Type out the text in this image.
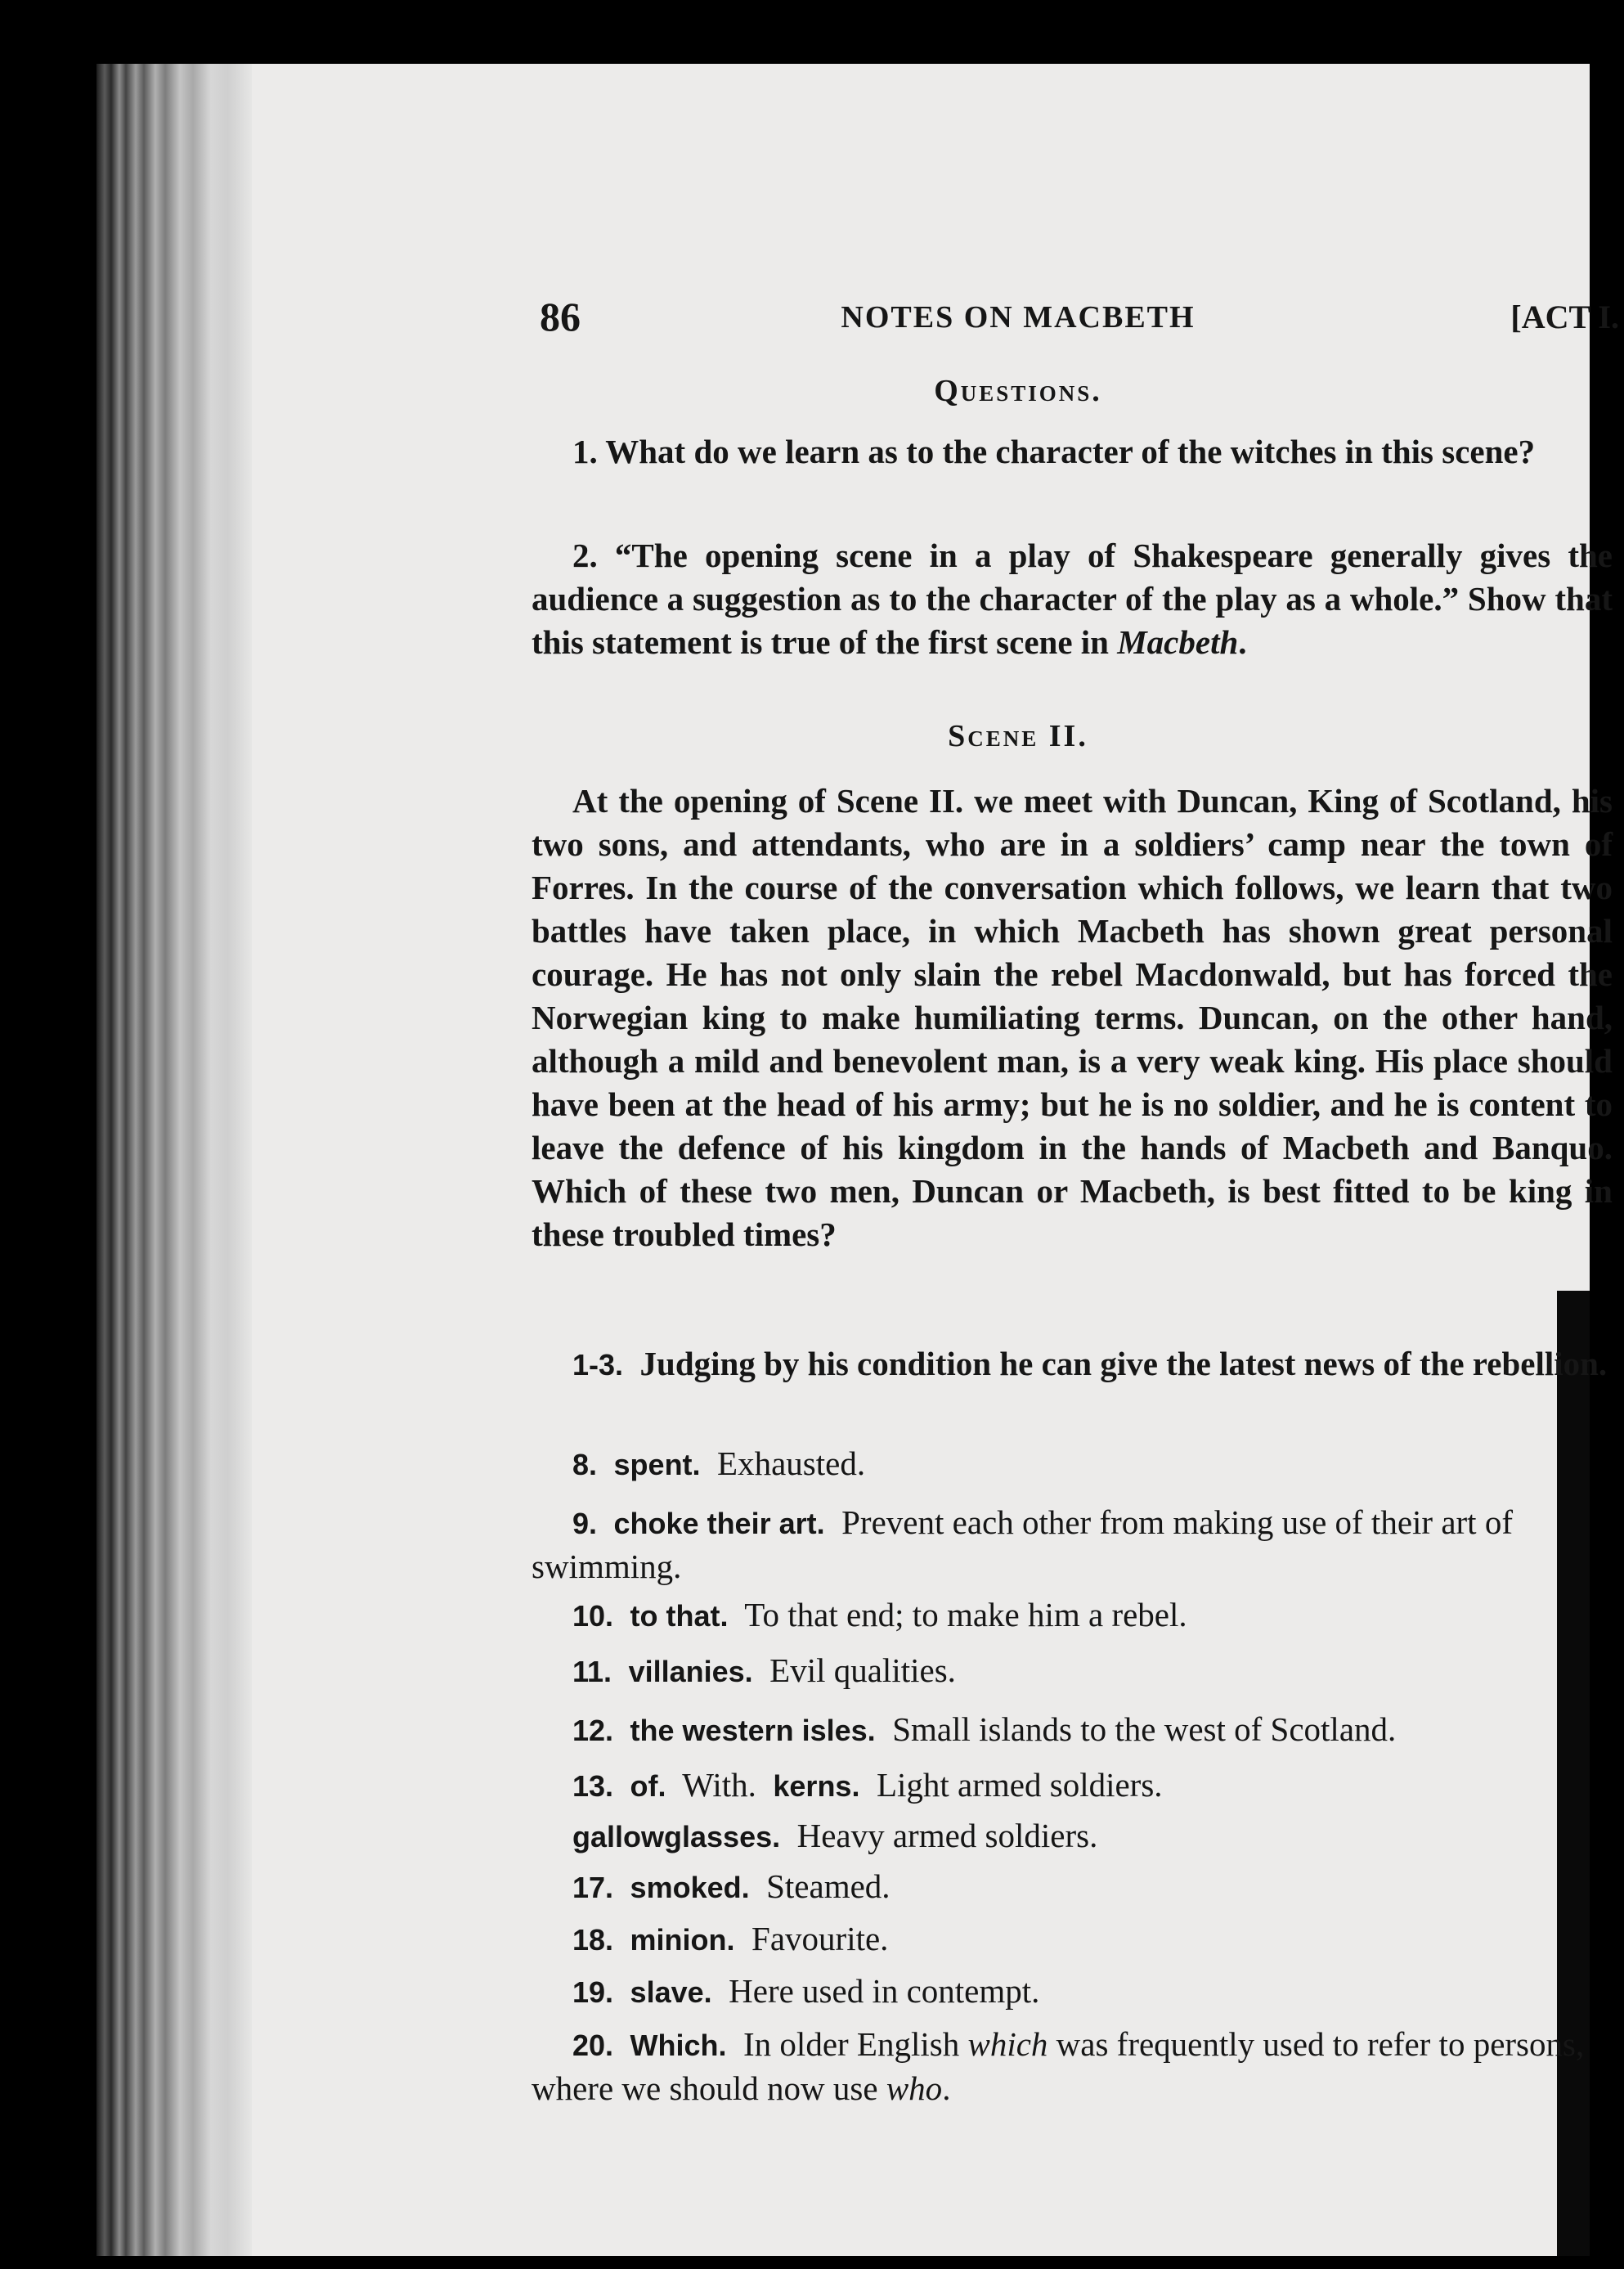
86	NOTES ON MACBETH	[ACT I.
Questions.
1. What do we learn as to the character of the witches in this scene?
2. “The opening scene in a play of Shakespeare generally gives the audience a suggestion as to the character of the play as a whole.” Show that this statement is true of the first scene in Macbeth.
Scene II.
At the opening of Scene II. we meet with Duncan, King of Scotland, his two sons, and attendants, who are in a soldiers’ camp near the town of Forres. In the course of the conversation which follows, we learn that two battles have taken place, in which Macbeth has shown great personal courage. He has not only slain the rebel Macdonwald, but has forced the Norwegian king to make humiliating terms. Duncan, on the other hand, although a mild and benevolent man, is a very weak king. His place should have been at the head of his army; but he is no soldier, and he is content to leave the defence of his kingdom in the hands of Macbeth and Banquo. Which of these two men, Duncan or Macbeth, is best fitted to be king in these troubled times?
1-3. Judging by his condition he can give the latest news of the rebellion.
8. spent. Exhausted.
9. choke their art. Prevent each other from making use of their art of swimming.
10. to that. To that end; to make him a rebel.
11. villanies. Evil qualities.
12. the western isles. Small islands to the west of Scotland.
13. of. With. kerns. Light armed soldiers.
gallowglasses. Heavy armed soldiers.
17. smoked. Steamed.
18. minion. Favourite.
19. slave. Here used in contempt.
20. Which. In older English which was frequently used to refer to persons, where we should now use who.
